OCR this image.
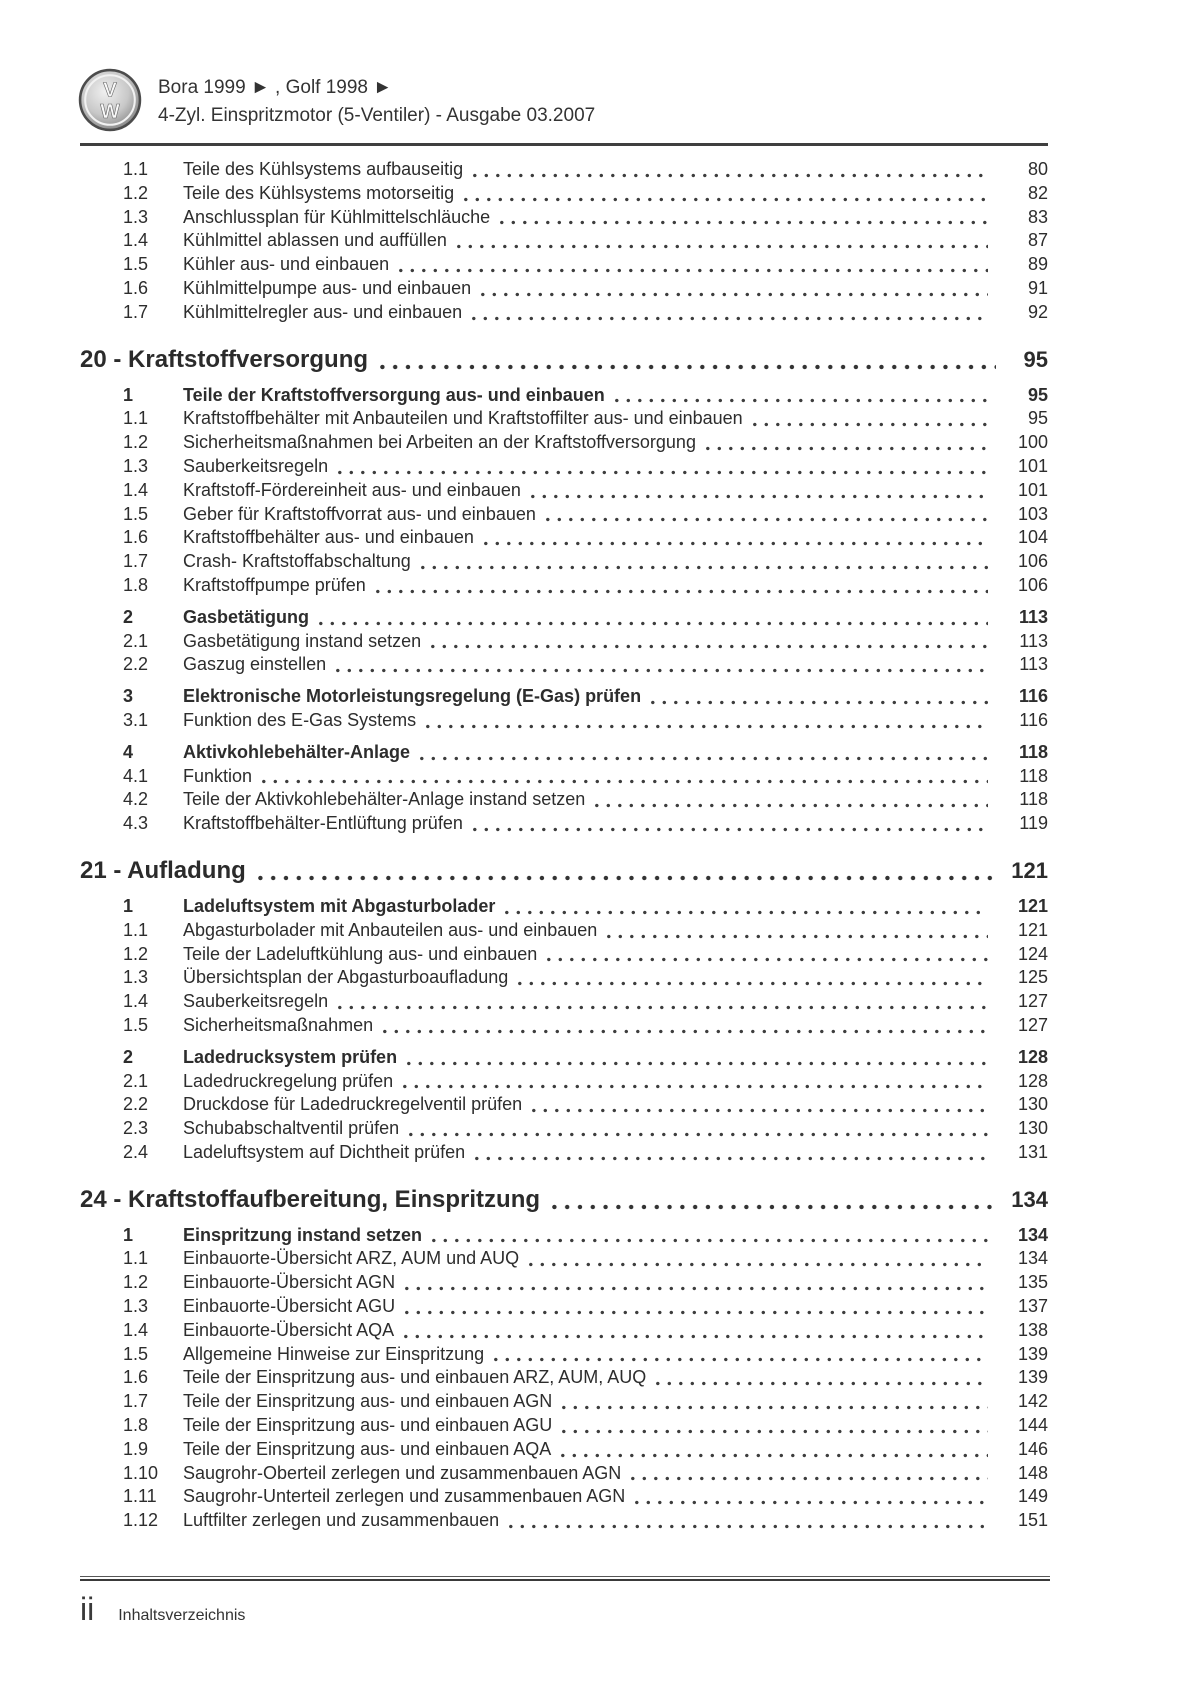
V
W
Bora 1999 ► , Golf 1998 ►
4-Zyl. Einspritzmotor (5-Ventiler) - Ausgabe 03.2007
1.1	Teile des Kühlsystems aufbauseitig	80
1.2	Teile des Kühlsystems motorseitig	82
1.3	Anschlussplan für Kühlmittelschläuche	83
1.4	Kühlmittel ablassen und auffüllen	87
1.5	Kühler aus- und einbauen	89
1.6	Kühlmittelpumpe aus- und einbauen	91
1.7	Kühlmittelregler aus- und einbauen	92
20 - Kraftstoffversorgung	95
1	Teile der Kraftstoffversorgung aus- und einbauen	95
1.1	Kraftstoffbehälter mit Anbauteilen und Kraftstoffilter aus- und einbauen	95
1.2	Sicherheitsmaßnahmen bei Arbeiten an der Kraftstoffversorgung	100
1.3	Sauberkeitsregeln	101
1.4	Kraftstoff-Fördereinheit aus- und einbauen	101
1.5	Geber für Kraftstoffvorrat aus- und einbauen	103
1.6	Kraftstoffbehälter aus- und einbauen	104
1.7	Crash- Kraftstoffabschaltung	106
1.8	Kraftstoffpumpe prüfen	106
2	Gasbetätigung	113
2.1	Gasbetätigung instand setzen	113
2.2	Gaszug einstellen	113
3	Elektronische Motorleistungsregelung (E-Gas) prüfen	116
3.1	Funktion des E-Gas Systems	116
4	Aktivkohlebehälter-Anlage	118
4.1	Funktion	118
4.2	Teile der Aktivkohlebehälter-Anlage instand setzen	118
4.3	Kraftstoffbehälter-Entlüftung prüfen	119
21 - Aufladung	121
1	Ladeluftsystem mit Abgasturbolader	121
1.1	Abgasturbolader mit Anbauteilen aus- und einbauen	121
1.2	Teile der Ladeluftkühlung aus- und einbauen	124
1.3	Übersichtsplan der Abgasturboaufladung	125
1.4	Sauberkeitsregeln	127
1.5	Sicherheitsmaßnahmen	127
2	Ladedrucksystem prüfen	128
2.1	Ladedruckregelung prüfen	128
2.2	Druckdose für Ladedruckregelventil prüfen	130
2.3	Schubabschaltventil prüfen	130
2.4	Ladeluftsystem auf Dichtheit prüfen	131
24 - Kraftstoffaufbereitung, Einspritzung	134
1	Einspritzung instand setzen	134
1.1	Einbauorte-Übersicht ARZ, AUM und AUQ	134
1.2	Einbauorte-Übersicht AGN	135
1.3	Einbauorte-Übersicht AGU	137
1.4	Einbauorte-Übersicht AQA	138
1.5	Allgemeine Hinweise zur Einspritzung	139
1.6	Teile der Einspritzung aus- und einbauen ARZ, AUM, AUQ	139
1.7	Teile der Einspritzung aus- und einbauen AGN	142
1.8	Teile der Einspritzung aus- und einbauen AGU	144
1.9	Teile der Einspritzung aus- und einbauen AQA	146
1.10	Saugrohr-Oberteil zerlegen und zusammenbauen AGN	148
1.11	Saugrohr-Unterteil zerlegen und zusammenbauen AGN	149
1.12	Luftfilter zerlegen und zusammenbauen	151
ii Inhaltsverzeichnis
